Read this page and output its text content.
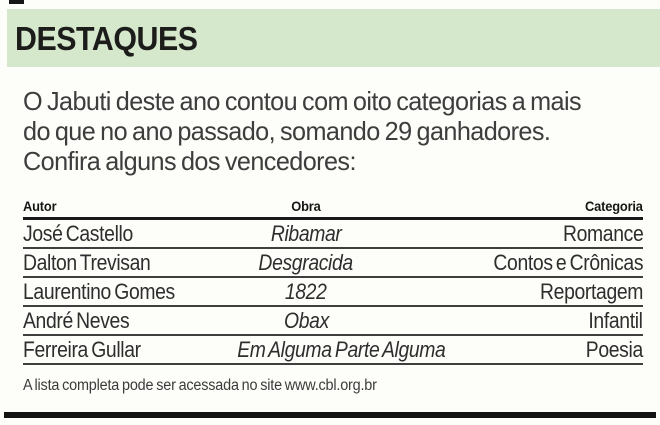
DESTAQUES
O Jabuti deste ano contou com oito categorias a mais
do que no ano passado, somando 29 ganhadores.
Confira alguns dos vencedores:
Autor	Obra	Categoria
José Castello	Ribamar	Romance
Dalton Trevisan	Desgracida	Contos e Crônicas
Laurentino Gomes	1822	Reportagem
André Neves	Obax	Infantil
Ferreira Gullar	Em Alguma Parte Alguma	Poesia
A lista completa pode ser acessada no site www.cbl.org.br
